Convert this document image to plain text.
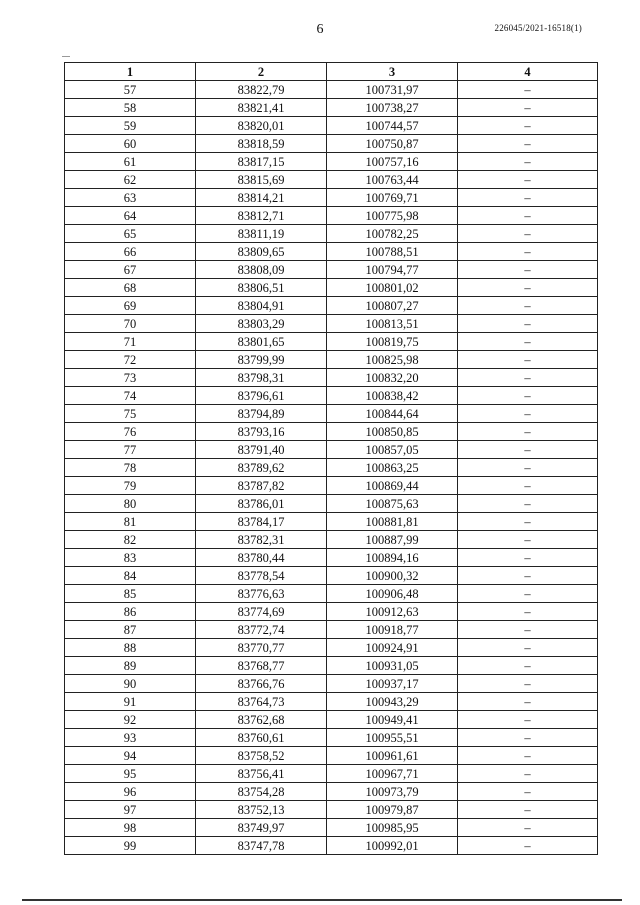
6	226045/2021-16518(1)
1	2	3	4
57	83822,79	100731,97	–
58	83821,41	100738,27	–
59	83820,01	100744,57	–
60	83818,59	100750,87	–
61	83817,15	100757,16	–
62	83815,69	100763,44	–
63	83814,21	100769,71	–
64	83812,71	100775,98	–
65	83811,19	100782,25	–
66	83809,65	100788,51	–
67	83808,09	100794,77	–
68	83806,51	100801,02	–
69	83804,91	100807,27	–
70	83803,29	100813,51	–
71	83801,65	100819,75	–
72	83799,99	100825,98	–
73	83798,31	100832,20	–
74	83796,61	100838,42	–
75	83794,89	100844,64	–
76	83793,16	100850,85	–
77	83791,40	100857,05	–
78	83789,62	100863,25	–
79	83787,82	100869,44	–
80	83786,01	100875,63	–
81	83784,17	100881,81	–
82	83782,31	100887,99	–
83	83780,44	100894,16	–
84	83778,54	100900,32	–
85	83776,63	100906,48	–
86	83774,69	100912,63	–
87	83772,74	100918,77	–
88	83770,77	100924,91	–
89	83768,77	100931,05	–
90	83766,76	100937,17	–
91	83764,73	100943,29	–
92	83762,68	100949,41	–
93	83760,61	100955,51	–
94	83758,52	100961,61	–
95	83756,41	100967,71	–
96	83754,28	100973,79	–
97	83752,13	100979,87	–
98	83749,97	100985,95	–
99	83747,78	100992,01	–
